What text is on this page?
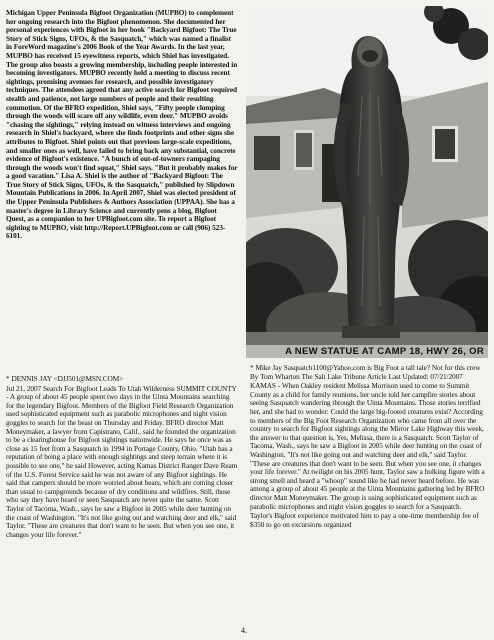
Michigan Upper Peninsula Bigfoot Organization (MUPBO) to complement her ongoing research into the Bigfoot phenomenon. She documented her personal experiences with Bigfoot in her book "Backyard Bigfoot: The True Story of Stick Signs, UFOs, & the Sasquatch," which was named a finalist in ForeWord magazine's 2006 Book of the Year Awards. In the last year, MUPBO has received 15 eyewitness reports, which Shiel has investigated. The group also boasts a growing membership, including people interested in becoming investigators. MUPBO recently held a meeting to discuss recent sightings, promising avenues for research, and possible investigatory techniques. The attendees agreed that any active search for Bigfoot required stealth and patience, not large numbers of people and their resulting commotion. Of the BFRO expedition, Shiel says, "Fifty people clomping through the woods will scare off any wildlife, even deer." MUPBO avoids "chasing the sightings," relying instead on witness interviews and ongoing research in Shiel's backyard, where she finds footprints and other signs she attributes to Bigfoot. Shiel points out that previous large-scale expeditions, and smaller ones as well, have failed to bring back any substantial, concrete evidence of Bigfoot's existence. "A bunch of out-of-towners rampaging through the woods won't find squat," Shiel says. "But it probably makes for a good vacation." Lisa A. Shiel is the author of "Backyard Bigfoot: The True Story of Stick Signs, UFOs, & the Sasquatch," published by Slipdown Mountain Publications in 2006. In April 2007, Shiel was elected president of the Upper Peninsula Publishers & Authors Association (UPPAA). She has a master's degree in Library Science and currently pens a blog, Bigfoot Quest, as a companion to her UPBigfoot.com site. To report a Bigfoot sighting to MUPBO, visit http://Report.UPBigfoot.com or call (906) 523-6101.

A NEW STATUE AT CAMP 18, HWY 26, OR

* DENNIS JAY <DJJ501@MSN.COM>

Jul 21, 2007 Search For Bigfoot Leads To Utah Wilderness SUMMIT COUNTY - A group of about 45 people spent two days in the Uinta Mountains searching for the legendary Bigfoot. Members of the Bigfoot Field Research Organization used sophisticated equipment such as parabolic microphones and night vision goggles to search for the beast on Thursday and Friday. BFRO director Matt Moneymaker, a lawyer from Capistrano, Calif., said he founded the organization to be a clearinghouse for Bigfoot sightings nationwide. He says he once was as close as 15 feet from a Sasquatch in 1994 in Portage County, Ohio. "Utah has a reputation of being a place with enough sightings and steep terrain where it is possible to see one," he said However, acting Kamas District Ranger Dave Ream of the U.S. Forest Service said he was not aware of any Bigfoot sightings. He said that campers should be more worried about bears, which are coming closer than usual to campgrounds because of dry conditions and wildfires. Still, those who say they have heard or seen Sasquatch are never quite the same. Scott Taylor of Tacoma, Wash., says he saw a Bigfoot in 2005 while deer hunting on the coast of Washington. "It's not like going out and watching deer and elk," said Taylor. "These are creatures that don't want to be seen. But when you see one, it changes your life forever."

* Mike Jay Sasquatch1100@Yahoo.com is Big Foot a tall tale? Not for this crew By Tom Wharton The Salt Lake Tribune Article Last Updated: 07/21/2007

KAMAS - When Oakley resident Melissa Morrison used to come to Summit County as a child for family reunions, her uncle told her campfire stories about seeing Sasquatch wandering through the Uinta Mountains. Those stories terrified her, and she had to wonder: Could the large big-footed creatures exist? According to members of the Big Foot Research Organization who came from all over the country to search for Bigfoot sightings along the Mirror Lake Highway this week, the answer to that question is, Yes, Melissa, there is a Sasquatch. Scott Taylor of Tacoma, Wash., says he saw a Bigfoot in 2005 while deer hunting on the coast of Washington. "It's not like going out and watching deer and elk," said Taylor. "These are creatures that don't want to be seen. But when you see one, it changes your life forever." At twilight on his 2005 hunt, Taylor saw a hulking figure with a strong smell and heard a "whoop" sound like he had never heard before. He was among a group of about 45 people at the Uinta Mountains gathering led by BFRO director Matt Moneymaker. The group is using sophisticated equipment such as parabolic microphones and night vision goggles to search for a Sasquatch.

Taylor's Bigfoot experience motivated him to pay a one-time membership fee of $350 to go on excursions organized

4.
